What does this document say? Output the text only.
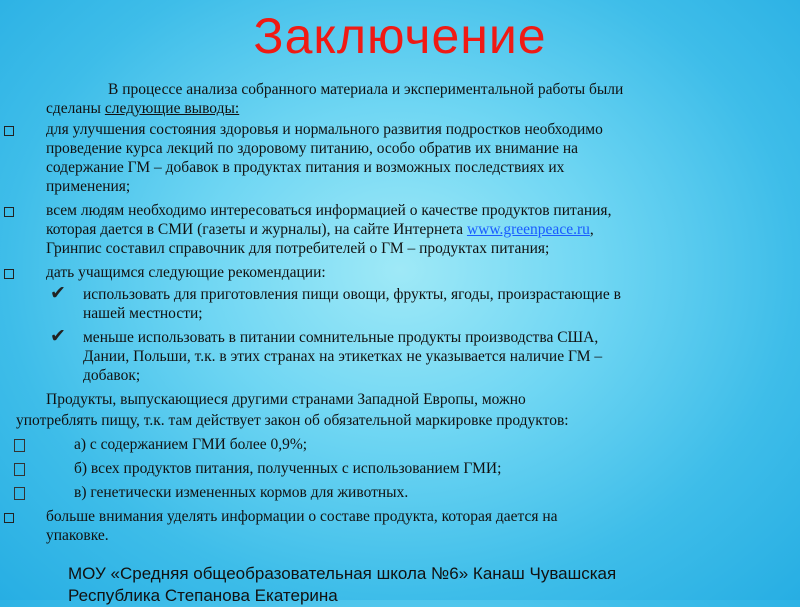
Заключение
В процессе анализа собранного материала и экспериментальной работы были
сделаны следующие выводы:
для улучшения состояния здоровья и нормального развития подростков необходимо
проведение курса лекций по здоровому питанию, особо обратив их внимание на
содержание ГМ – добавок в продуктах питания и возможных последствиях их
применения;
всем людям необходимо интересоваться информацией о качестве продуктов питания,
которая дается в СМИ (газеты и журналы), на сайте Интернета www.greenpeace.ru,
Гринпис составил справочник для потребителей о ГМ – продуктах питания;
дать учащимся следующие рекомендации:
✔ использовать для приготовления пищи овощи, фрукты, ягоды, произрастающие в
нашей местности;
✔ меньше использовать в питании сомнительные продукты производства США,
Дании, Польши, т.к. в этих странах на этикетках не указывается наличие ГМ –
добавок;
Продукты, выпускающиеся другими странами Западной Европы, можно
употреблять пищу, т.к. там действует закон об обязательной маркировке продуктов:
а) с содержанием ГМИ более 0,9%;
б) всех продуктов питания, полученных с использованием ГМИ;
в) генетически измененных кормов для животных.
больше внимания уделять информации о составе продукта, которая дается на
упаковке.
МОУ «Средняя общеобразовательная школа №6» Канаш Чувашская
Республика Степанова Екатерина
